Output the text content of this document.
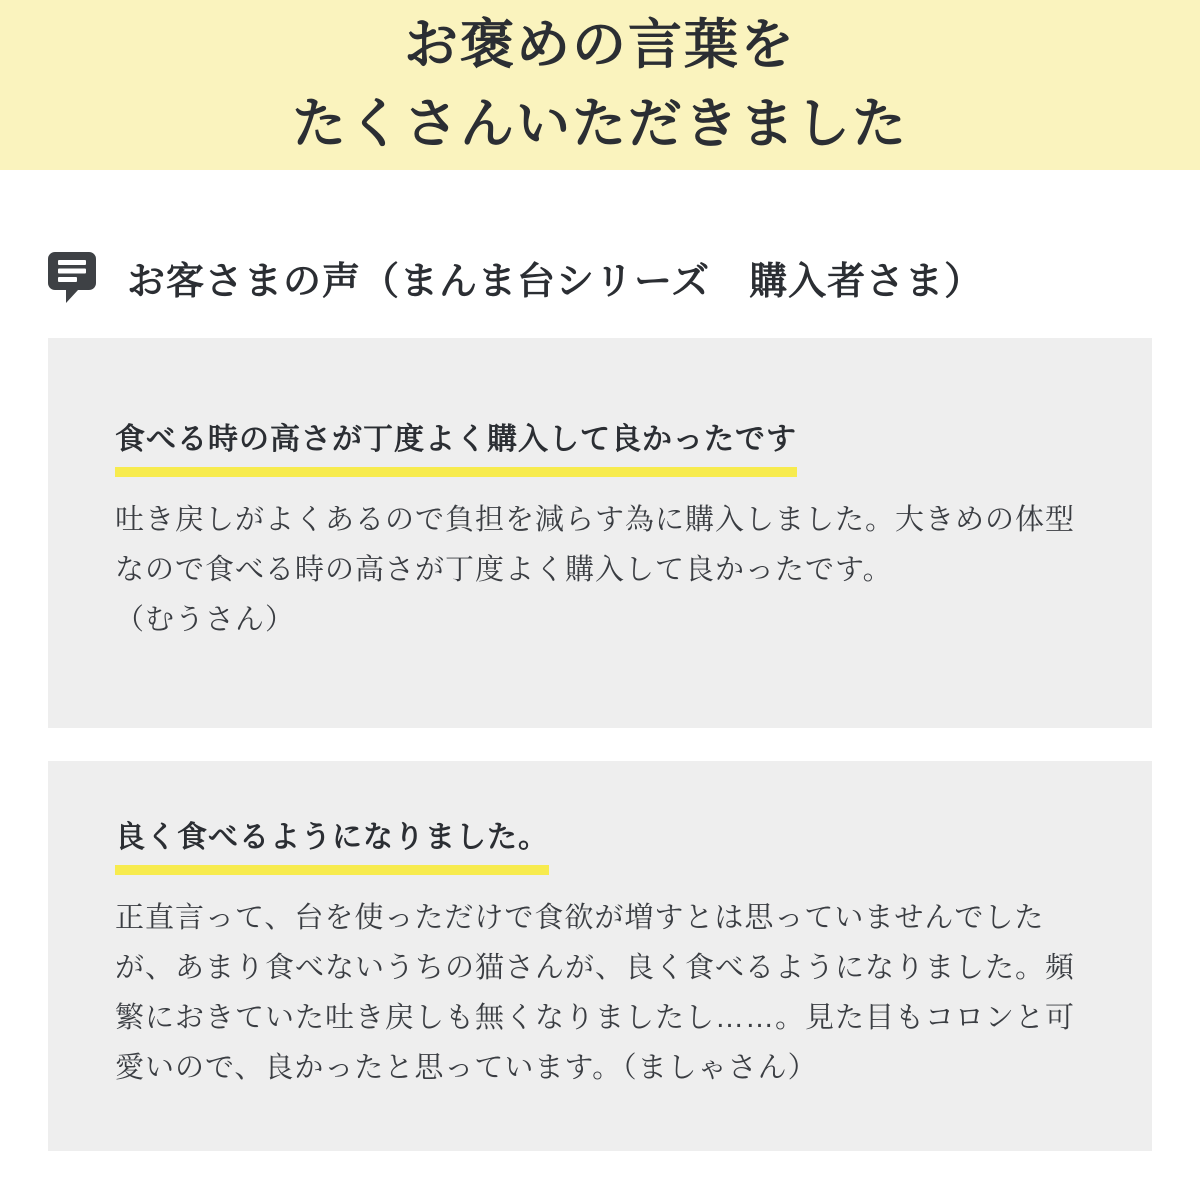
お褒めの言葉を
たくさんいただきました
お客さまの声（まんま台シリーズ　購入者さま）
食べる時の高さが丁度よく購入して良かったです

吐き戻しがよくあるので負担を減らす為に購入しました。大きめの体型なので食べる時の高さが丁度よく購入して良かったです。

（むうさん）

良く食べるようになりました。

正直言って、台を使っただけで食欲が増すとは思っていませんでしたが、あまり食べないうちの猫さんが、良く食べるようになりました。頻繁におきていた吐き戻しも無くなりましたし……。見た目もコロンと可愛いので、良かったと思っています。（ましゃさん）
